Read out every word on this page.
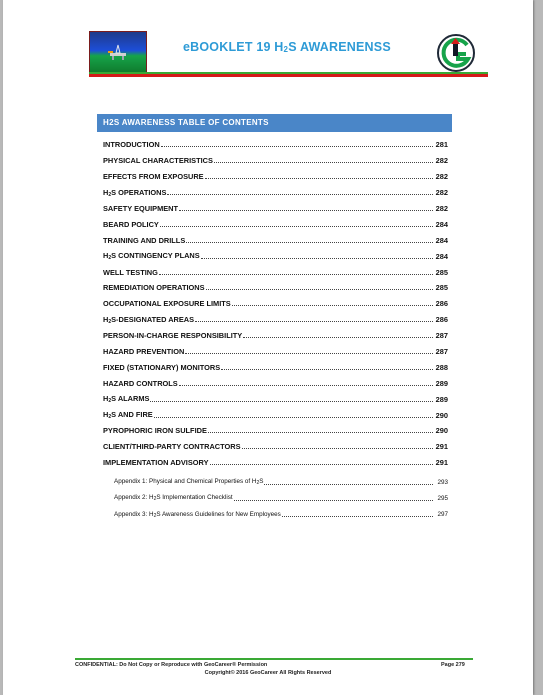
eBOOKLET 19 $H_2S$ AWARENENSS
H2S AWARENESS TABLE OF CONTENTS
INTRODUCTION	281
PHYSICAL CHARACTERISTICS	282
EFFECTS FROM EXPOSURE	282
$H_2S$ OPERATIONS	282
SAFETY EQUIPMENT	282
BEARD POLICY	284
TRAINING AND DRILLS	284
$H_2S$ CONTINGENCY PLANS	284
WELL TESTING	285
REMEDIATION OPERATIONS	285
OCCUPATIONAL EXPOSURE LIMITS	286
$H_2S$-DESIGNATED AREAS	286
PERSON-IN-CHARGE RESPONSIBILITY	287
HAZARD PREVENTION	287
FIXED (STATIONARY) MONITORS	288
HAZARD CONTROLS	289
$H_2S$ ALARMS	289
$H_2S$ AND FIRE	290
PYROPHORIC IRON SULFIDE	290
CLIENT/THIRD-PARTY CONTRACTORS	291
IMPLEMENTATION ADVISORY	291
Appendix 1: Physical and Chemical Properties of $H_2S$	293
Appendix 2: $H_2S$ Implementation Checklist	295
Appendix 3: $H_2S$ Awareness Guidelines for New Employees	297
CONFIDENTIAL: Do Not Copy or Reproduce with GeoCareer® Permission	Page 279
Copyright© 2016 GeoCareer All Rights Reserved
